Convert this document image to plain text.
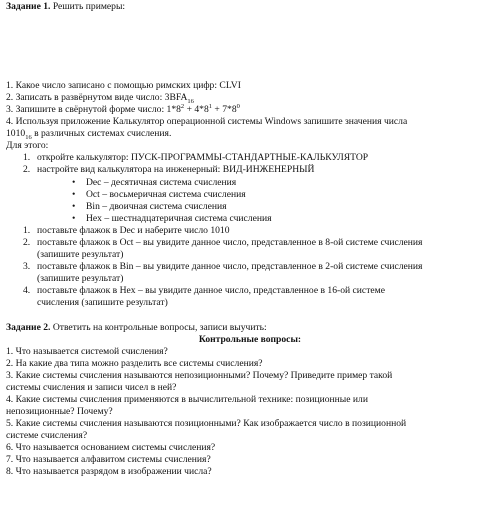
Задание 1. Решить примеры:
1. Какое число записано с помощью римских цифр: CLVI
2. Записать в развёрнутом виде число: $3BFA_{16}$
3. Запишите в свёрнутой форме число: $1*8^2 + 4*8^1 + 7*8^0$
4. Используя приложение Калькулятор операционной системы Windows запишите значения числа
$1010_{16}$ в различных системах счисления.
Для этого:
1. откройте калькулятор: ПУСК-ПРОГРАММЫ-СТАНДАРТНЫЕ-КАЛЬКУЛЯТОР
2. настройте вид калькулятора на инженерный: ВИД-ИНЖЕНЕРНЫЙ
• Dec – десятичная система счисления
• Oct – восьмеричная система счисления
• Bin – двоичная система счисления
• Hex – шестнадцатеричная система счисления
1. поставьте флажок в Dec и наберите число 1010
2. поставьте флажок в Oct – вы увидите данное число, представленное в 8-ой системе счисления
(запишите результат)
3. поставьте флажок в Bin – вы увидите данное число, представленное в 2-ой системе счисления
(запишите результат)
4. поставьте флажок в Hex – вы увидите данное число, представленное в 16-ой системе
счисления (запишите результат)
Задание 2. Ответить на контрольные вопросы, записи выучить:
Контрольные вопросы:
1. Что называется системой счисления?
2. На какие два типа можно разделить все системы счисления?
3. Какие системы счисления называются непозиционными? Почему? Приведите пример такой
системы счисления и записи чисел в ней?
4. Какие системы счисления применяются в вычислительной технике: позиционные или
непозиционные? Почему?
5. Какие системы счисления называются позиционными? Как изображается число в позиционной
системе счисления?
6. Что называется основанием системы счисления?
7. Что называется алфавитом системы счисления?
8. Что называется разрядом в изображении числа?
